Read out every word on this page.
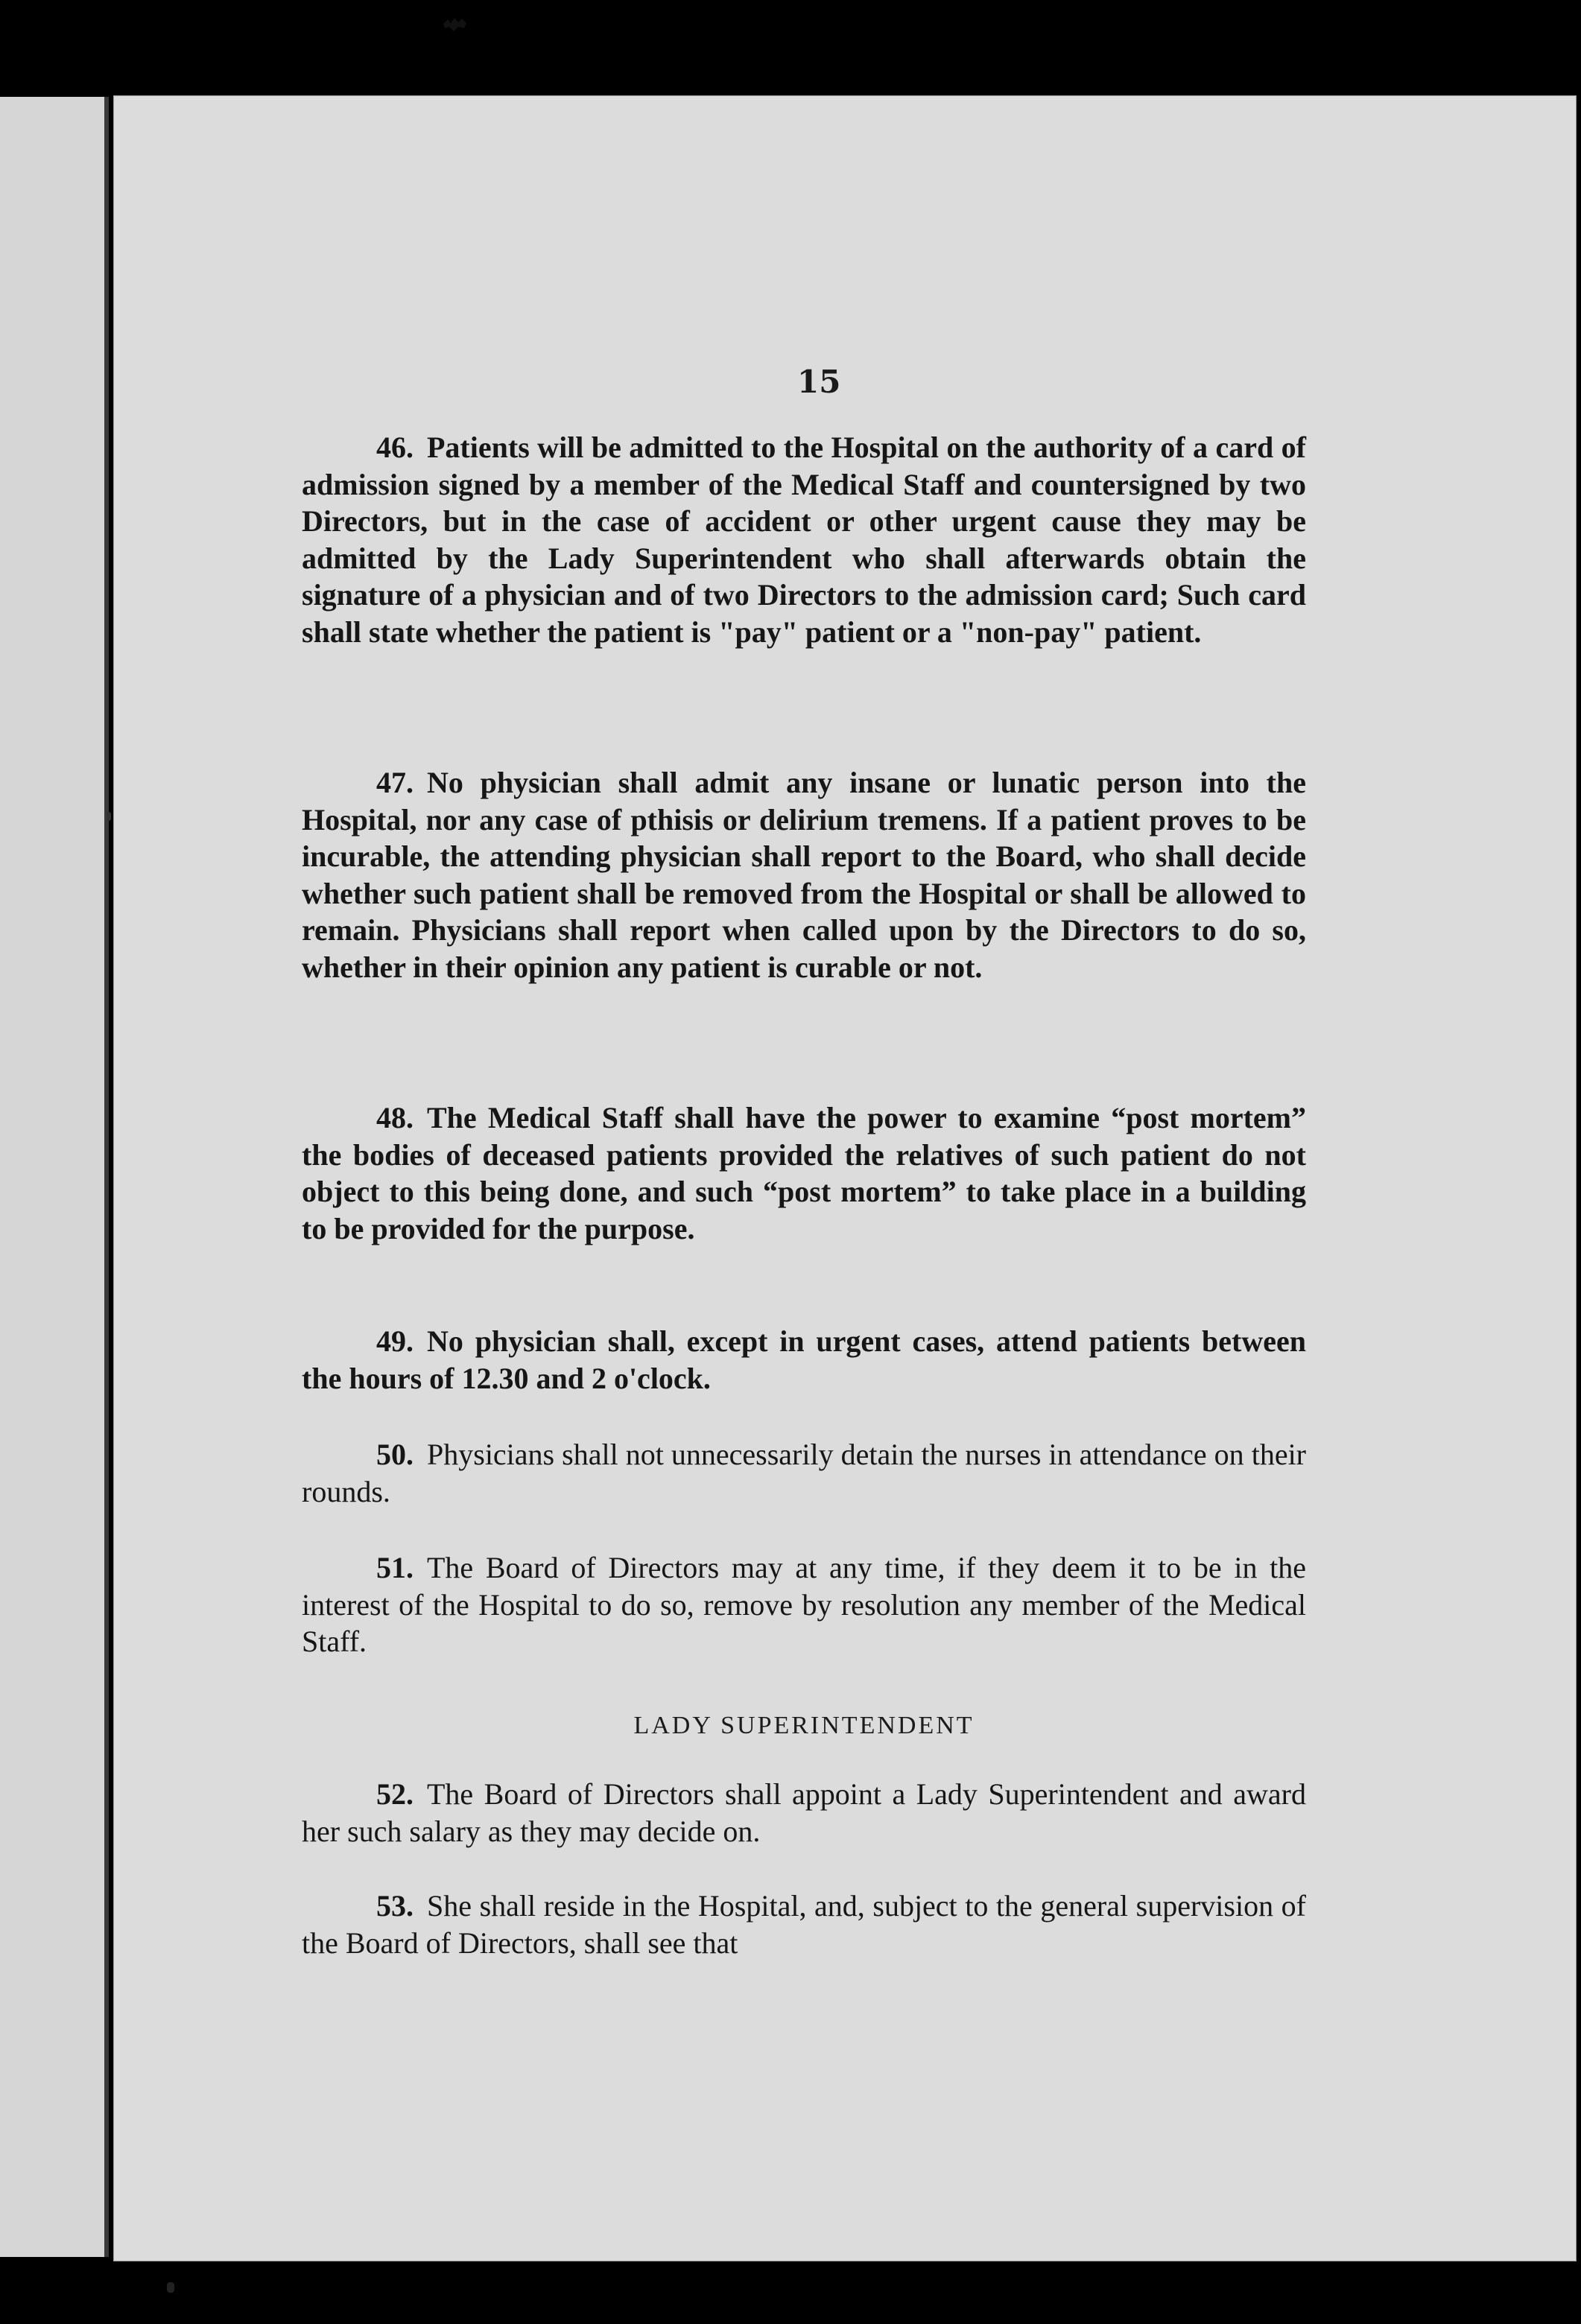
15

46. Patients will be admitted to the Hospital on the authority of a card of admission signed by a member of the Medical Staff and countersigned by two Directors, but in the case of accident or other urgent cause they may be admitted by the Lady Superintendent who shall afterwards obtain the signature of a physician and of two Directors to the admission card; Such card shall state whether the patient is "pay" patient or a "non-pay" patient.

47. No physician shall admit any insane or lunatic person into the Hospital, nor any case of pthisis or delirium tremens. If a patient proves to be incurable, the attending physician shall report to the Board, who shall decide whether such patient shall be removed from the Hospital or shall be allowed to remain. Physicians shall report when called upon by the Directors to do so, whether in their opinion any patient is curable or not.

48. The Medical Staff shall have the power to examine “post mortem” the bodies of deceased patients provided the relatives of such patient do not object to this being done, and such “post mortem” to take place in a building to be provided for the purpose.

49. No physician shall, except in urgent cases, attend patients between the hours of 12.30 and 2 o'clock.

50. Physicians shall not unnecessarily detain the nurses in attendance on their rounds.

51. The Board of Directors may at any time, if they deem it to be in the interest of the Hospital to do so, remove by resolution any member of the Medical Staff.

LADY SUPERINTENDENT

52. The Board of Directors shall appoint a Lady Superintendent and award her such salary as they may decide on.

53. She shall reside in the Hospital, and, subject to the general supervision of the Board of Directors, shall see that
